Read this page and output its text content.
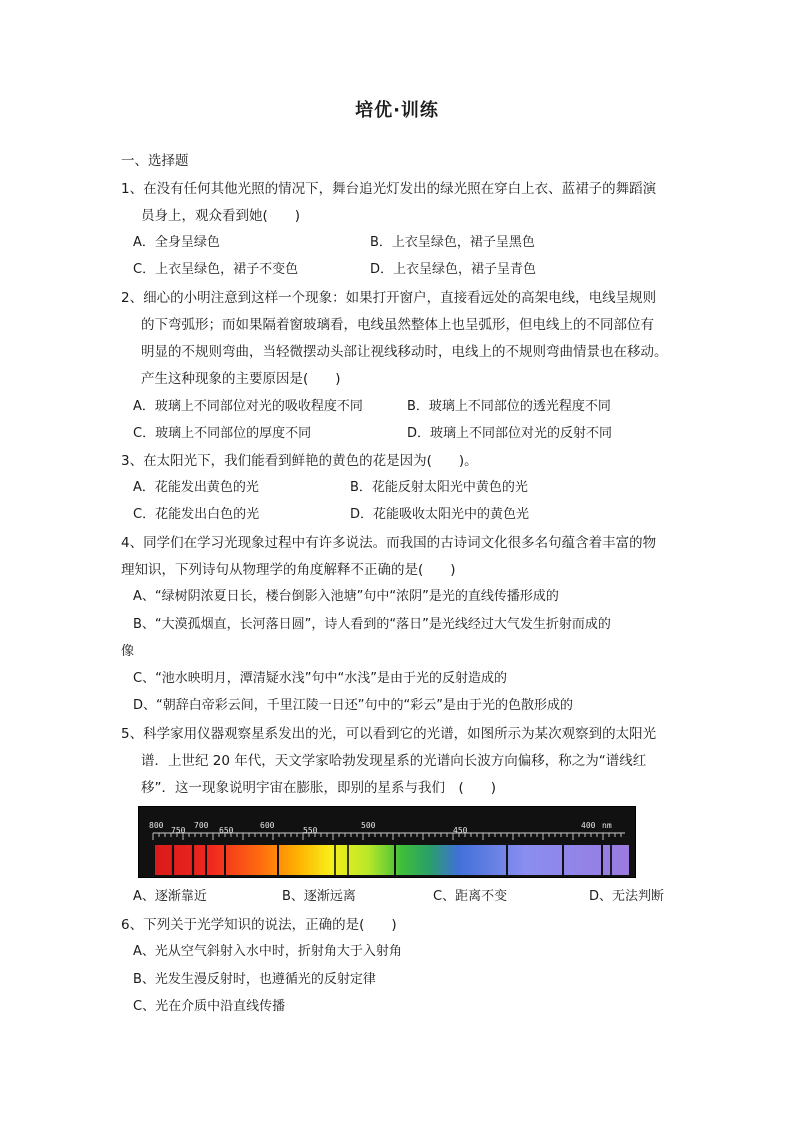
培优·训练
一、选择题
1、在没有任何其他光照的情况下，舞台追光灯发出的绿光照在穿白上衣、蓝裙子的舞蹈演
员身上，观众看到她(　　)
A．全身呈绿色	B．上衣呈绿色，裙子呈黑色
C．上衣呈绿色，裙子不变色	D．上衣呈绿色，裙子呈青色
2、细心的小明注意到这样一个现象：如果打开窗户，直接看远处的高架电线，电线呈规则
的下弯弧形；而如果隔着窗玻璃看，电线虽然整体上也呈弧形，但电线上的不同部位有
明显的不规则弯曲，当轻微摆动头部让视线移动时，电线上的不规则弯曲情景也在移动。
产生这种现象的主要原因是(　　)
A．玻璃上不同部位对光的吸收程度不同	B．玻璃上不同部位的透光程度不同
C．玻璃上不同部位的厚度不同	D．玻璃上不同部位对光的反射不同
3、在太阳光下，我们能看到鲜艳的黄色的花是因为(　　)。
A．花能发出黄色的光	B．花能反射太阳光中黄色的光
C．花能发出白色的光	D．花能吸收太阳光中的黄色光
4、同学们在学习光现象过程中有许多说法。而我国的古诗词文化很多名句蕴含着丰富的物
理知识，下列诗句从物理学的角度解释不正确的是(　　)
A、“绿树阴浓夏日长，楼台倒影入池塘”句中“浓阴”是光的直线传播形成的
B、“大漠孤烟直，长河落日圆”，诗人看到的“落日”是光线经过大气发生折射而成的
像
C、“池水映明月，潭清疑水浅”句中“水浅”是由于光的反射造成的
D、“朝辞白帝彩云间，千里江陵一日还”句中的“彩云”是由于光的色散形成的
5、科学家用仪器观察星系发出的光，可以看到它的光谱，如图所示为某次观察到的太阳光
谱．上世纪 20 年代，天文学家哈勃发现星系的光谱向长波方向偏移，称之为“谱线红
移”．这一现象说明宇宙在膨胀，即别的星系与我们　(　　)
800
750
700
650
600
550
500
450
400 nm
A、逐渐靠近	B、逐渐远离	C、距离不变	D、无法判断
6、下列关于光学知识的说法，正确的是(　　)
A、光从空气斜射入水中时，折射角大于入射角
B、光发生漫反射时，也遵循光的反射定律
C、光在介质中沿直线传播
